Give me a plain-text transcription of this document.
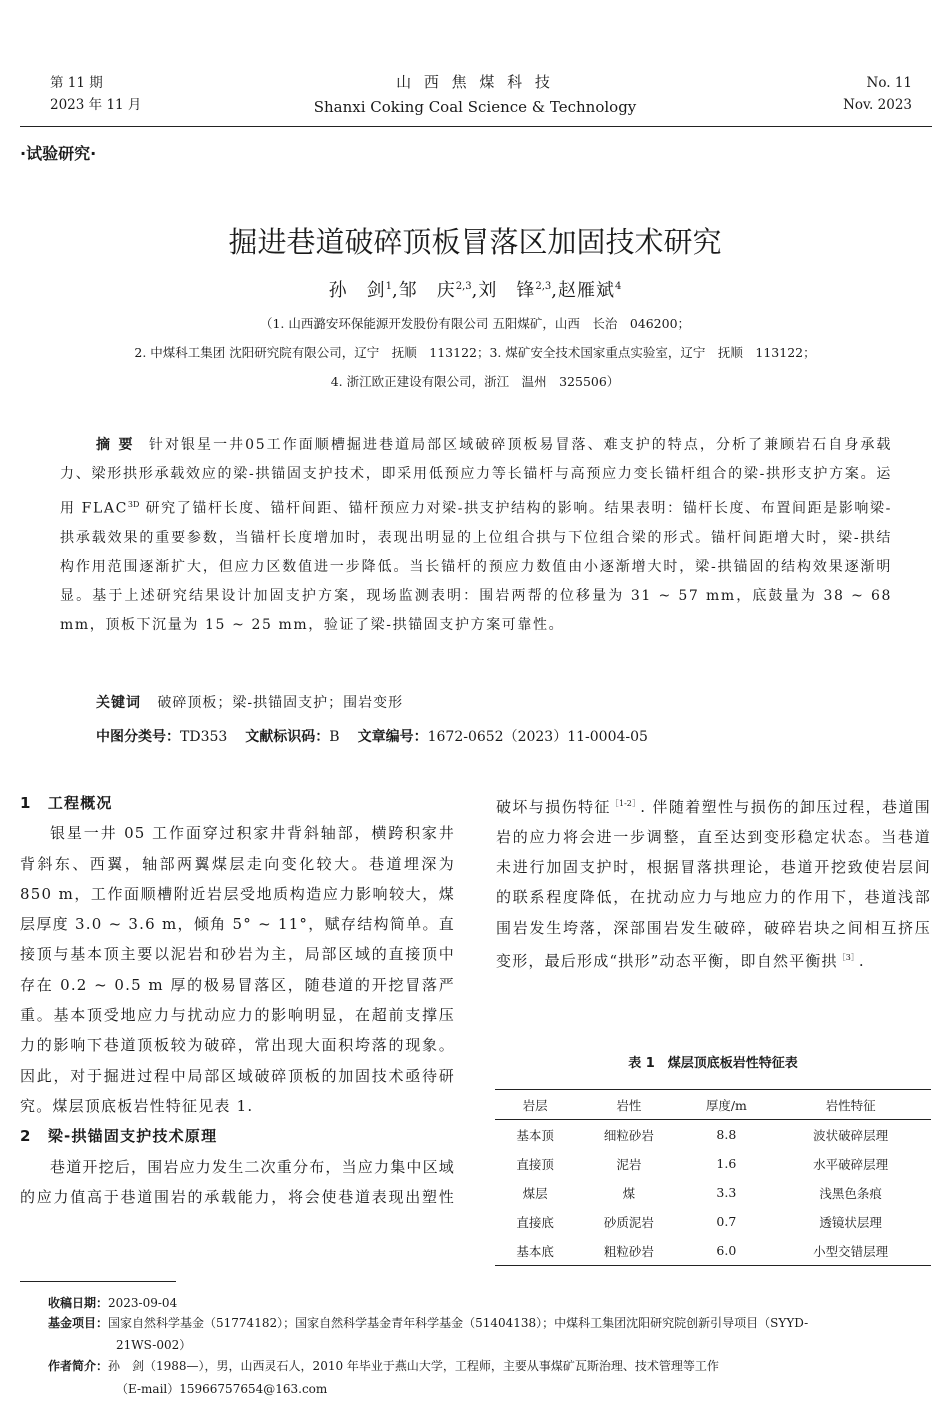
第 11 期
2023 年 11 月
山 西 焦 煤 科 技
Shanxi Coking Coal Science & Technology
No. 11
Nov. 2023
·试验研究·
掘进巷道破碎顶板冒落区加固技术研究
孙　剑$^1$,邹　庆$^{2,3}$,刘　锋$^{2,3}$,赵雁斌$^4$
（1. 山西潞安环保能源开发股份有限公司 五阳煤矿，山西　长治　046200；
2. 中煤科工集团 沈阳研究院有限公司，辽宁　抚顺　113122；3. 煤矿安全技术国家重点实验室，辽宁　抚顺　113122；
4. 浙江欧正建设有限公司，浙江　温州　325506）
摘要 针对银星一井05工作面顺槽掘进巷道局部区域破碎顶板易冒落、难支护的特点，分析了兼顾岩石自身承载力、梁形拱形承载效应的梁-拱锚固支护技术，即采用低预应力等长锚杆与高预应力变长锚杆组合的梁-拱形支护方案。运用 $FLAC^{3D}$ 研究了锚杆长度、锚杆间距、锚杆预应力对梁-拱支护结构的影响。结果表明：锚杆长度、布置间距是影响梁-拱承载效果的重要参数，当锚杆长度增加时，表现出明显的上位组合拱与下位组合梁的形式。锚杆间距增大时，梁-拱结构作用范围逐渐扩大，但应力区数值进一步降低。当长锚杆的预应力数值由小逐渐增大时，梁-拱锚固的结构效果逐渐明显。基于上述研究结果设计加固支护方案，现场监测表明：围岩两帮的位移量为 31 ~ 57 mm，底鼓量为 38 ~ 68 mm，顶板下沉量为 15 ~ 25 mm，验证了梁-拱锚固支护方案可靠性。
关键词 破碎顶板；梁-拱锚固支护；围岩变形
中图分类号：TD353 文献标识码：B 文章编号：1672-0652（2023）11-0004-05

1　工程概况

银星一井 05 工作面穿过积家井背斜轴部，横跨积家井背斜东、西翼，轴部两翼煤层走向变化较大。巷道埋深为 850 m，工作面顺槽附近岩层受地质构造应力影响较大，煤层厚度 3.0 ~ 3.6 m，倾角 5° ~ 11°，赋存结构简单。直接顶与基本顶主要以泥岩和砂岩为主，局部区域的直接顶中存在 0.2 ~ 0.5 m 厚的极易冒落区，随巷道的开挖冒落严重。基本顶受地应力与扰动应力的影响明显，在超前支撑压力的影响下巷道顶板较为破碎，常出现大面积垮落的现象。因此，对于掘进过程中局部区域破碎顶板的加固技术亟待研究。煤层顶底板岩性特征见表 1.

2　梁-拱锚固支护技术原理

巷道开挖后，围岩应力发生二次重分布，当应力集中区域的应力值高于巷道围岩的承载能力，将会使巷道表现出塑性

破坏与损伤特征$^{[1-2]}$. 伴随着塑性与损伤的卸压过程，巷道围岩的应力将会进一步调整，直至达到变形稳定状态。当巷道未进行加固支护时，根据冒落拱理论，巷道开挖致使岩层间的联系程度降低，在扰动应力与地应力的作用下，巷道浅部围岩发生垮落，深部围岩发生破碎，破碎岩块之间相互挤压变形，最后形成“拱形”动态平衡，即自然平衡拱$^{[3]}$.
表 1　煤层顶底板岩性特征表
岩层	岩性	厚度/m	岩性特征
基本顶	细粒砂岩	8.8	波状破碎层理
直接顶	泥岩	1.6	水平破碎层理
煤层	煤	3.3	浅黑色条痕
直接底	砂质泥岩	0.7	透镜状层理
基本底	粗粒砂岩	6.0	小型交错层理
收稿日期：2023-09-04
基金项目：国家自然科学基金（51774182）；国家自然科学基金青年科学基金（51404138）；中煤科工集团沈阳研究院创新引导项目（SYYD-
21WS-002）
作者简介：孙　剑（1988—），男，山西灵石人，2010 年毕业于燕山大学，工程师，主要从事煤矿瓦斯治理、技术管理等工作
（E-mail）15966757654@163.com
